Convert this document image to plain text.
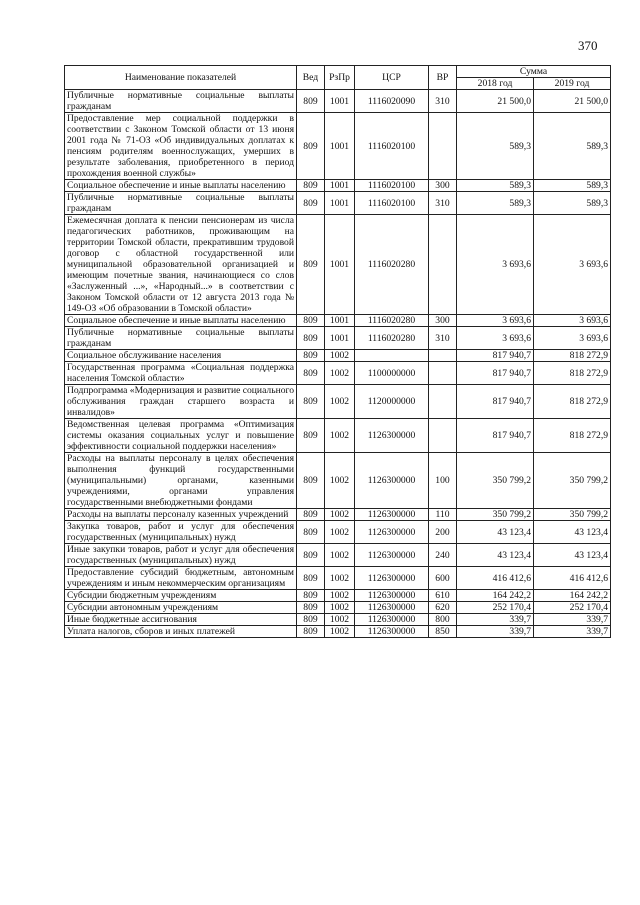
370
Наименование показателей	Вед	РзПр	ЦСР	ВР	Сумма	
					2018 год	2019 год
Публичные нормативные социальные выплаты гражданам	809	1001	1116020090	310	21 500,0	21 500,0
Предоставление мер социальной поддержки в соответствии с Законом Томской области от 13 июня 2001 года № 71-ОЗ «Об индивидуальных доплатах к пенсиям родителям военнослужащих, умерших в результате заболевания, приобретенного в период прохождения военной службы»	809	1001	1116020100		589,3	589,3
Социальное обеспечение и иные выплаты населению	809	1001	1116020100	300	589,3	589,3
Публичные нормативные социальные выплаты гражданам	809	1001	1116020100	310	589,3	589,3
Ежемесячная доплата к пенсии пенсионерам из числа педагогических работников, проживающим на территории Томской области, прекратившим трудовой договор с областной государственной или муниципальной образовательной организацией и имеющим почетные звания, начинающиеся со слов «Заслуженный ...», «Народный...» в соответствии с Законом Томской области от 12 августа 2013 года № 149-ОЗ «Об образовании в Томской области»	809	1001	1116020280		3 693,6	3 693,6
Социальное обеспечение и иные выплаты населению	809	1001	1116020280	300	3 693,6	3 693,6
Публичные нормативные социальные выплаты гражданам	809	1001	1116020280	310	3 693,6	3 693,6
Социальное обслуживание населения	809	1002			817 940,7	818 272,9
Государственная программа «Социальная поддержка населения Томской области»	809	1002	1100000000		817 940,7	818 272,9
Подпрограмма «Модернизация и развитие социального обслуживания граждан старшего возраста и инвалидов»	809	1002	1120000000		817 940,7	818 272,9
Ведомственная целевая программа «Оптимизация системы оказания социальных услуг и повышение эффективности социальной поддержки населения»	809	1002	1126300000		817 940,7	818 272,9
Расходы на выплаты персоналу в целях обеспечения выполнения функций государственными (муниципальными) органами, казенными учреждениями, органами управления государственными внебюджетными фондами	809	1002	1126300000	100	350 799,2	350 799,2
Расходы на выплаты персоналу казенных учреждений	809	1002	1126300000	110	350 799,2	350 799,2
Закупка товаров, работ и услуг для обеспечения государственных (муниципальных) нужд	809	1002	1126300000	200	43 123,4	43 123,4
Иные закупки товаров, работ и услуг для обеспечения государственных (муниципальных) нужд	809	1002	1126300000	240	43 123,4	43 123,4
Предоставление субсидий бюджетным, автономным учреждениям и иным некоммерческим организациям	809	1002	1126300000	600	416 412,6	416 412,6
Субсидии бюджетным учреждениям	809	1002	1126300000	610	164 242,2	164 242,2
Субсидии автономным учреждениям	809	1002	1126300000	620	252 170,4	252 170,4
Иные бюджетные ассигнования	809	1002	1126300000	800	339,7	339,7
Уплата налогов, сборов и иных платежей	809	1002	1126300000	850	339,7	339,7
